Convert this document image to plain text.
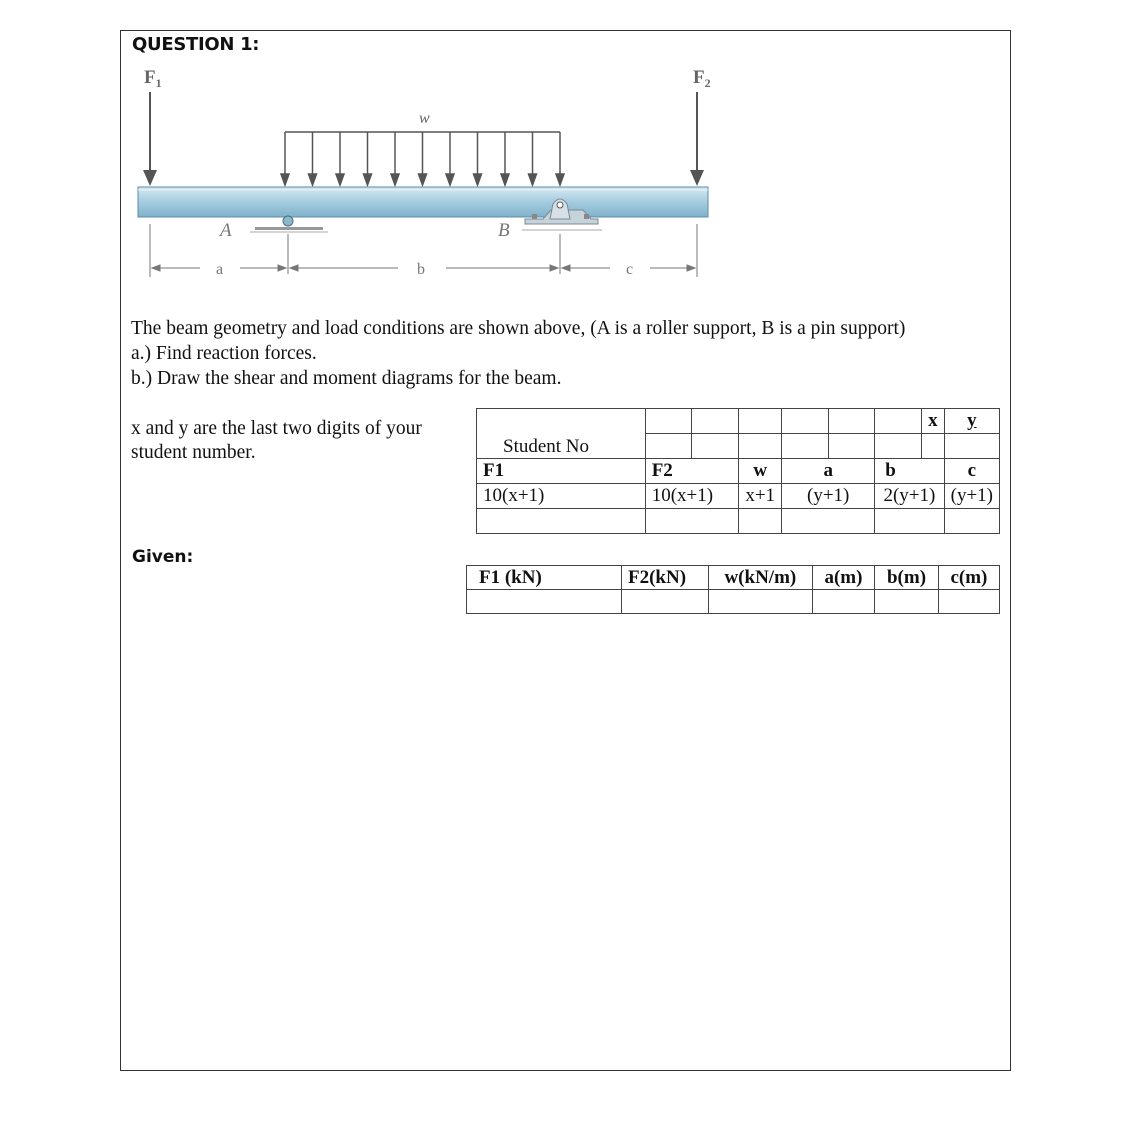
QUESTION 1:
$F_1$	$F_2$
w
A	B
a	b	c
The beam geometry and load conditions are shown above, (A is a roller support, B is a pin support)
a.) Find reaction forces.
b.) Draw the shear and moment diagrams for the beam.
x and y are the last two digits of your student number.	Student No							x	y

F1	F2		w	a		b		c
10(x+1)	10(x+1)		x+1	(y+1)		2(y+1)		(y+1)

Given:
F1 (kN)	F2(kN)	w(kN/m)	a(m)	b(m)	c(m)
